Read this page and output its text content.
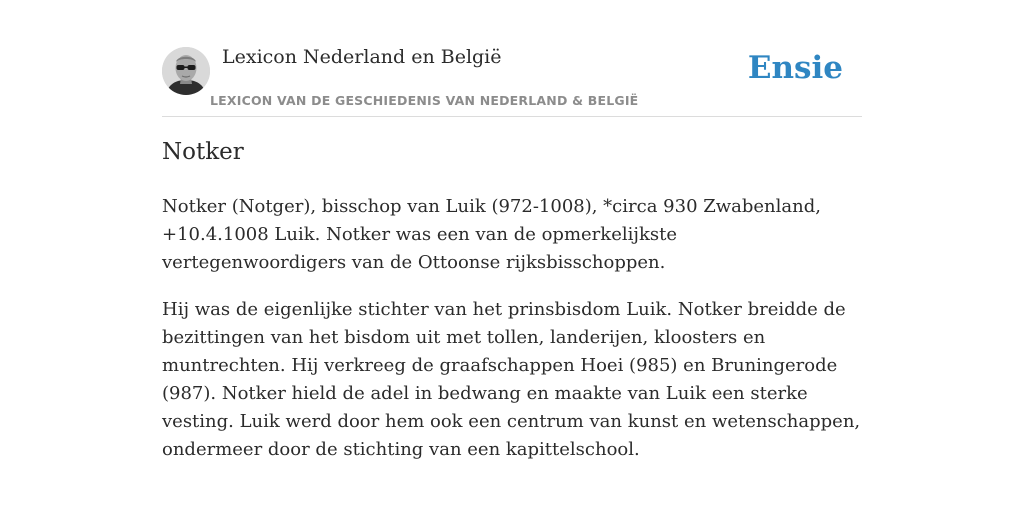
Lexicon Nederland en België
LEXICON VAN DE GESCHIEDENIS VAN NEDERLAND & BELGIË
Ensie
Notker

Notker (Notger), bisschop van Luik (972-1008), *circa 930 Zwabenland, +10.4.1008 Luik. Notker was een van de opmerkelijkste vertegenwoordigers van de Ottoonse rijksbisschoppen.

Hij was de eigenlijke stichter van het prinsbisdom Luik. Notker breidde de bezittingen van het bisdom uit met tollen, landerijen, kloosters en muntrechten. Hij verkreeg de graafschappen Hoei (985) en Bruningerode (987). Notker hield de adel in bedwang en maakte van Luik een sterke vesting. Luik werd door hem ook een centrum van kunst en wetenschappen, ondermeer door de stichting van een kapittelschool.
